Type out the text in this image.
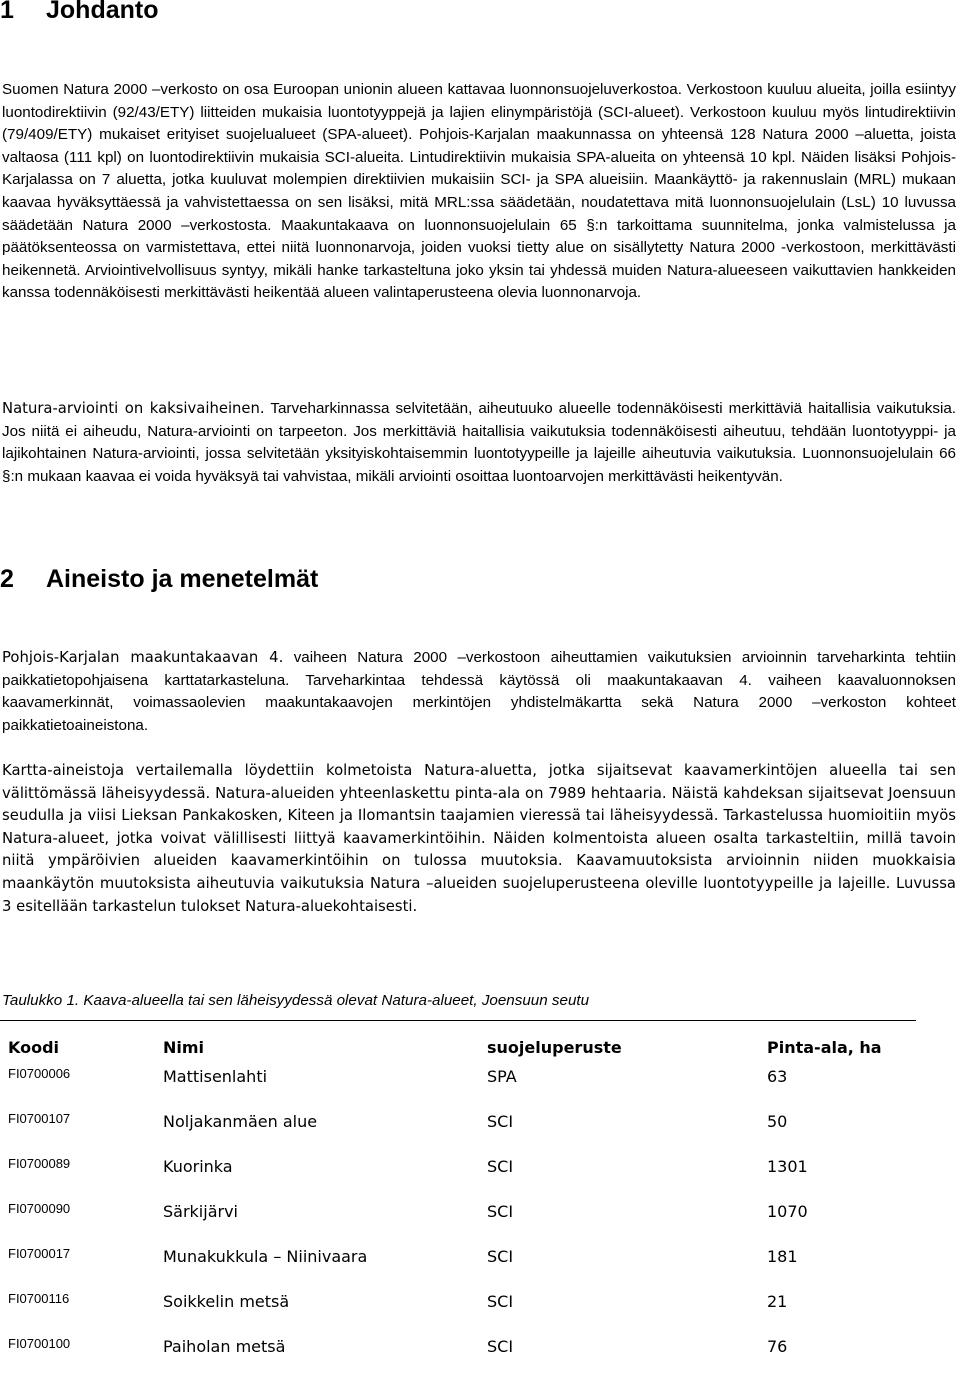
1 Johdanto

Suomen Natura 2000 –verkosto on osa Euroopan unionin alueen kattavaa luonnonsuojeluverkostoa. Verkostoon kuuluu alueita, joilla esiintyy luontodirektiivin (92/43/ETY) liitteiden mukaisia luontotyyppejä ja lajien elinympäristöjä (SCI-alueet). Verkostoon kuuluu myös lintudirektiivin (79/409/ETY) mukaiset erityiset suojelualueet (SPA-alueet). Pohjois-Karjalan maakunnassa on yhteensä 128 Natura 2000 –aluetta, joista valtaosa (111 kpl) on luontodirektiivin mukaisia SCI-alueita. Lintudirektiivin mukaisia SPA-alueita on yhteensä 10 kpl. Näiden lisäksi Pohjois-Karjalassa on 7 aluetta, jotka kuuluvat molempien direktiivien mukaisiin SCI- ja SPA alueisiin. Maankäyttö- ja rakennuslain (MRL) mukaan kaavaa hyväksyttäessä ja vahvistettaessa on sen lisäksi, mitä MRL:ssa säädetään, noudatettava mitä luonnonsuojelulain (LsL) 10 luvussa säädetään Natura 2000 –verkostosta. Maakuntakaava on luonnonsuojelulain 65 §:n tarkoittama suunnitelma, jonka valmistelussa ja päätöksenteossa on varmistettava, ettei niitä luonnonarvoja, joiden vuoksi tietty alue on sisällytetty Natura 2000 -verkostoon, merkittävästi heikennetä. Arviointivelvollisuus syntyy, mikäli hanke tarkasteltuna joko yksin tai yhdessä muiden Natura-alueeseen vaikuttavien hankkeiden kanssa todennäköisesti merkittävästi heikentää alueen valintaperusteena olevia luonnonarvoja.

Natura-arviointi on kaksivaiheinen. Tarveharkinnassa selvitetään, aiheutuuko alueelle todennäköisesti merkittäviä haitallisia vaikutuksia. Jos niitä ei aiheudu, Natura-arviointi on tarpeeton. Jos merkittäviä haitallisia vaikutuksia todennäköisesti aiheutuu, tehdään luontotyyppi- ja lajikohtainen Natura-arviointi, jossa selvitetään yksityiskohtaisemmin luontotyypeille ja lajeille aiheutuvia vaikutuksia. Luonnonsuojelulain 66 §:n mukaan kaavaa ei voida hyväksyä tai vahvistaa, mikäli arviointi osoittaa luontoarvojen merkittävästi heikentyvän.

2 Aineisto ja menetelmät

Pohjois-Karjalan maakuntakaavan 4. vaiheen Natura 2000 –verkostoon aiheuttamien vaikutuksien arvioinnin tarveharkinta tehtiin paikkatietopohjaisena karttatarkasteluna. Tarveharkintaa tehdessä käytössä oli maakuntakaavan 4. vaiheen kaavaluonnoksen kaavamerkinnät, voimassaolevien maakuntakaavojen merkintöjen yhdistelmäkartta sekä Natura 2000 –verkoston kohteet paikkatietoaineistona.

Kartta-aineistoja vertailemalla löydettiin kolmetoista Natura-aluetta, jotka sijaitsevat kaavamerkintöjen alueella tai sen välittömässä läheisyydessä. Natura-alueiden yhteenlaskettu pinta-ala on 7989 hehtaaria. Näistä kahdeksan sijaitsevat Joensuun seudulla ja viisi Lieksan Pankakosken, Kiteen ja Ilomantsin taajamien vieressä tai läheisyydessä. Tarkastelussa huomioitiin myös Natura-alueet, jotka voivat välillisesti liittyä kaavamerkintöihin. Näiden kolmentoista alueen osalta tarkasteltiin, millä tavoin niitä ympäröivien alueiden kaavamerkintöihin on tulossa muutoksia. Kaavamuutoksista arvioinnin niiden muokkaisia maankäytön muutoksista aiheutuvia vaikutuksia Natura –alueiden suojeluperusteena oleville luontotyypeille ja lajeille. Luvussa 3 esitellään tarkastelun tulokset Natura-aluekohtaisesti.

Taulukko 1. Kaava-alueella tai sen läheisyydessä olevat Natura-alueet, Joensuun seutu

Koodi	Nimi	suojeluperuste	Pinta-ala, ha
FI0700006	Mattisenlahti	SPA	63
FI0700107	Noljakanmäen alue	SCI	50
FI0700089	Kuorinka	SCI	1301
FI0700090	Särkijärvi	SCI	1070
FI0700017	Munakukkula – Niinivaara	SCI	181
FI0700116	Soikkelin metsä	SCI	21
FI0700100	Paiholan metsä	SCI	76
